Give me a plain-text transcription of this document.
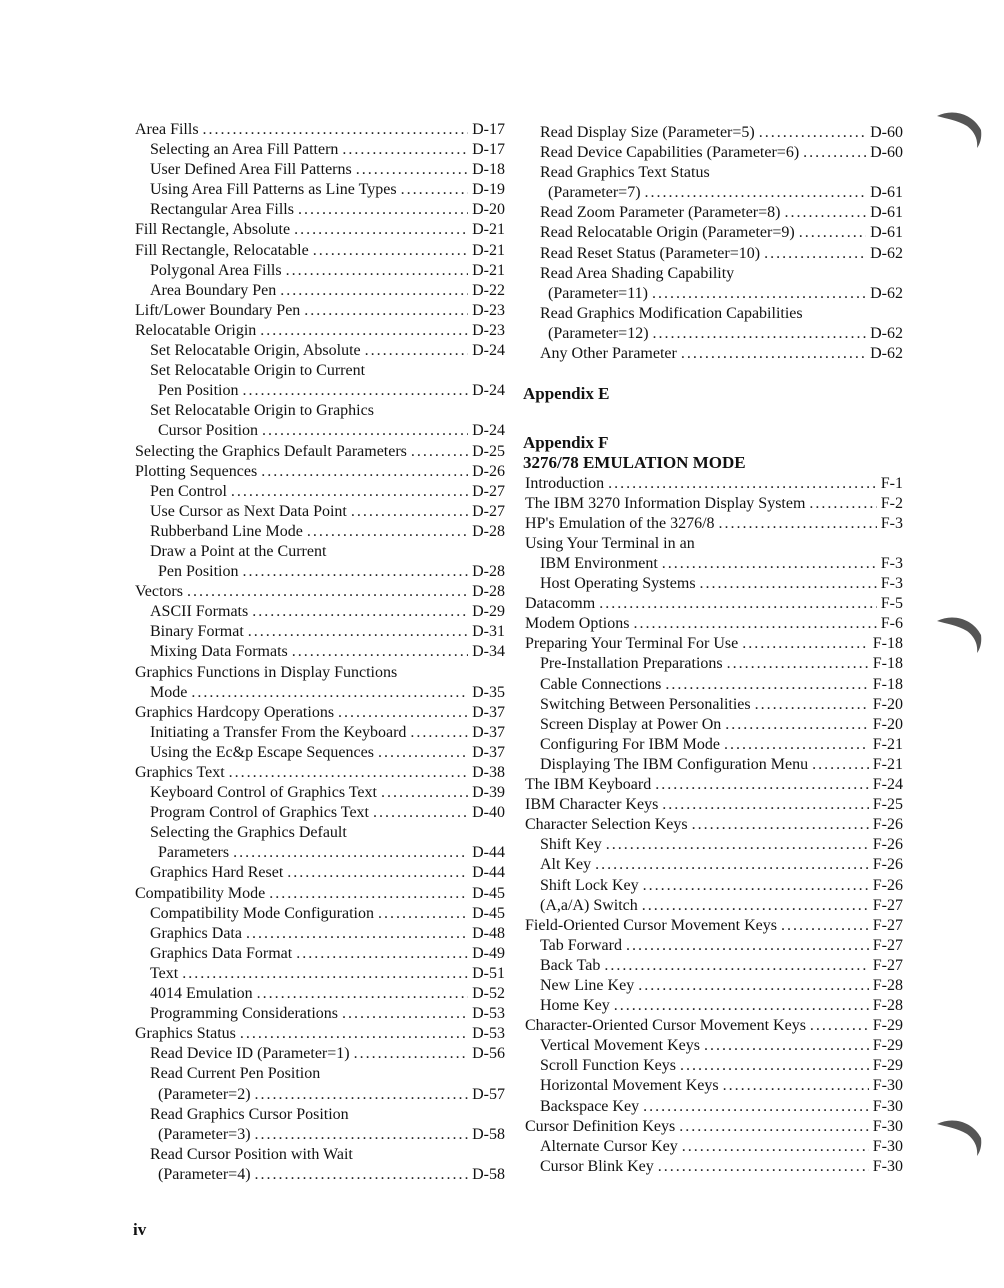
Area Fills .....	D-17
Selecting an Area Fill Pattern .....	D-17
User Defined Area Fill Patterns .....	D-18
Using Area Fill Patterns as Line Types .....	D-19
Rectangular Area Fills .....	D-20
Fill Rectangle, Absolute .....	D-21
Fill Rectangle, Relocatable .....	D-21
Polygonal Area Fills .....	D-21
Area Boundary Pen .....	D-22
Lift/Lower Boundary Pen .....	D-23
Relocatable Origin .....	D-23
Set Relocatable Origin, Absolute .....	D-24
Set Relocatable Origin to Current
Pen Position .....	D-24
Set Relocatable Origin to Graphics
Cursor Position .....	D-24
Selecting the Graphics Default Parameters .....	D-25
Plotting Sequences .....	D-26
Pen Control .....	D-27
Use Cursor as Next Data Point .....	D-27
Rubberband Line Mode .....	D-28
Draw a Point at the Current
Pen Position .....	D-28
Vectors .....	D-28
ASCII Formats .....	D-29
Binary Format .....	D-31
Mixing Data Formats .....	D-34
Graphics Functions in Display Functions
Mode .....	D-35
Graphics Hardcopy Operations .....	D-37
Initiating a Transfer From the Keyboard .....	D-37
Using the Ec&p Escape Sequences .....	D-37
Graphics Text .....	D-38
Keyboard Control of Graphics Text .....	D-39
Program Control of Graphics Text .....	D-40
Selecting the Graphics Default
Parameters .....	D-44
Graphics Hard Reset .....	D-44
Compatibility Mode .....	D-45
Compatibility Mode Configuration .....	D-45
Graphics Data .....	D-48
Graphics Data Format .....	D-49
Text .....	D-51
4014 Emulation .....	D-52
Programming Considerations .....	D-53
Graphics Status .....	D-53
Read Device ID (Parameter=1) .....	D-56
Read Current Pen Position
(Parameter=2) .....	D-57
Read Graphics Cursor Position
(Parameter=3) .....	D-58
Read Cursor Position with Wait
(Parameter=4) .....	D-58
Read Display Size (Parameter=5) .....	D-60
Read Device Capabilities (Parameter=6) .....	D-60
Read Graphics Text Status
(Parameter=7) .....	D-61
Read Zoom Parameter (Parameter=8) .....	D-61
Read Relocatable Origin (Parameter=9) .....	D-61
Read Reset Status (Parameter=10) .....	D-62
Read Area Shading Capability
(Parameter=11) .....	D-62
Read Graphics Modification Capabilities
(Parameter=12) .....	D-62
Any Other Parameter .....	D-62
Appendix E
Appendix F
3276/78 EMULATION MODE
Introduction .....	F-1
The IBM 3270 Information Display System .....	F-2
HP's Emulation of the 3276/8 .....	F-3
Using Your Terminal in an
IBM Environment .....	F-3
Host Operating Systems .....	F-3
Datacomm .....	F-5
Modem Options .....	F-6
Preparing Your Terminal For Use .....	F-18
Pre-Installation Preparations .....	F-18
Cable Connections .....	F-18
Switching Between Personalities .....	F-20
Screen Display at Power On .....	F-20
Configuring For IBM Mode .....	F-21
Displaying The IBM Configuration Menu .....	F-21
The IBM Keyboard .....	F-24
IBM Character Keys .....	F-25
Character Selection Keys .....	F-26
Shift Key .....	F-26
Alt Key .....	F-26
Shift Lock Key .....	F-26
(A,a/A) Switch .....	F-27
Field-Oriented Cursor Movement Keys .....	F-27
Tab Forward .....	F-27
Back Tab .....	F-27
New Line Key .....	F-28
Home Key .....	F-28
Character-Oriented Cursor Movement Keys .....	F-29
Vertical Movement Keys .....	F-29
Scroll Function Keys .....	F-29
Horizontal Movement Keys .....	F-30
Backspace Key .....	F-30
Cursor Definition Keys .....	F-30
Alternate Cursor Key .....	F-30
Cursor Blink Key .....	F-30
iv
